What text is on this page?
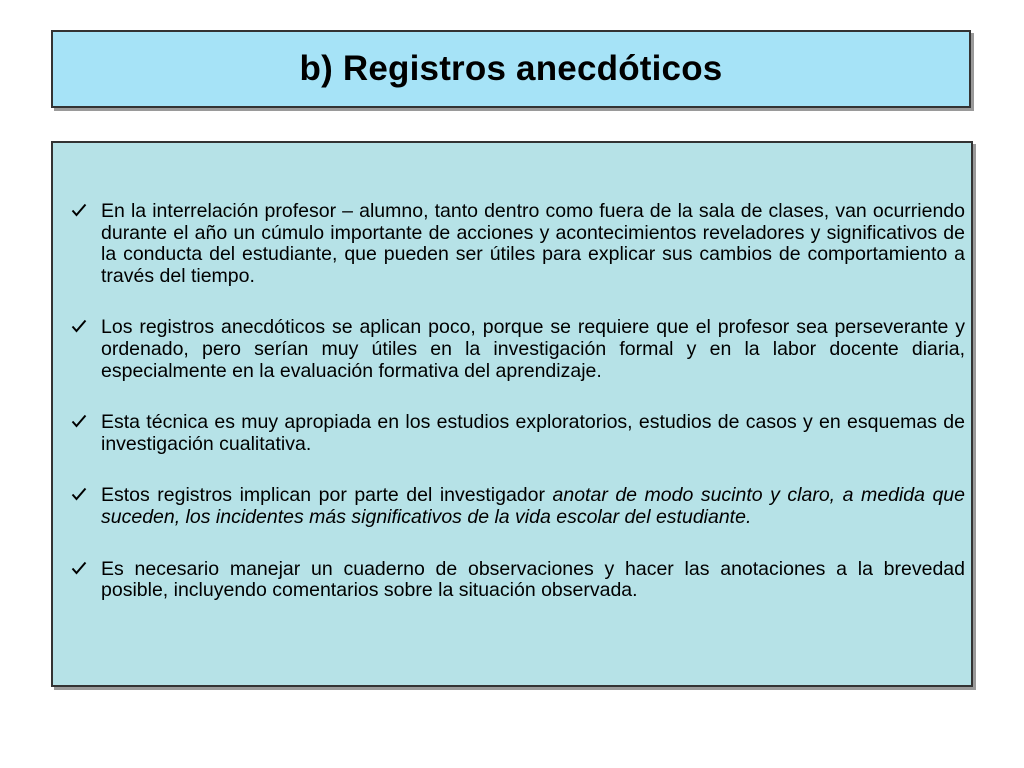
b) Registros anecdóticos
En la interrelación profesor – alumno, tanto dentro como fuera de la sala de clases, van ocurriendo durante el año un cúmulo importante de acciones y acontecimientos reveladores y significativos de la conducta del estudiante, que pueden ser útiles para explicar sus cambios de comportamiento a través del tiempo.
Los registros anecdóticos se aplican poco, porque se requiere que el profesor sea perseverante y ordenado, pero serían muy útiles en la investigación formal y en la labor docente diaria, especialmente en la evaluación formativa del aprendizaje.
Esta técnica es muy apropiada en los estudios exploratorios, estudios de casos y en esquemas de investigación cualitativa.
Estos registros implican por parte del investigador anotar de modo sucinto y claro, a medida que suceden, los incidentes más significativos de la vida escolar del estudiante.
Es necesario manejar un cuaderno de observaciones y hacer las anotaciones a la brevedad posible, incluyendo comentarios sobre la situación observada.
